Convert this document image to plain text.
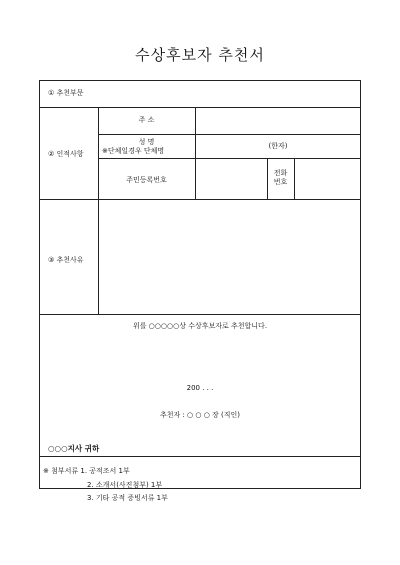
수상후보자 추천서
① 추천부문
② 인적사항
주 소
성 명
※단체일경우 단체명
(한자)
주민등록번호
전화
번호
③ 추천사유
위를 ○○○○○상 수상후보자로 추천합니다.
200 . . .
추천자 : ○ ○ ○ 장 (직인)
○○○지사 귀하
※ 첨부서류 1. 공적조서 1부
2. 소개서(사진첨부) 1부
3. 기타 공적 증빙서류 1부
